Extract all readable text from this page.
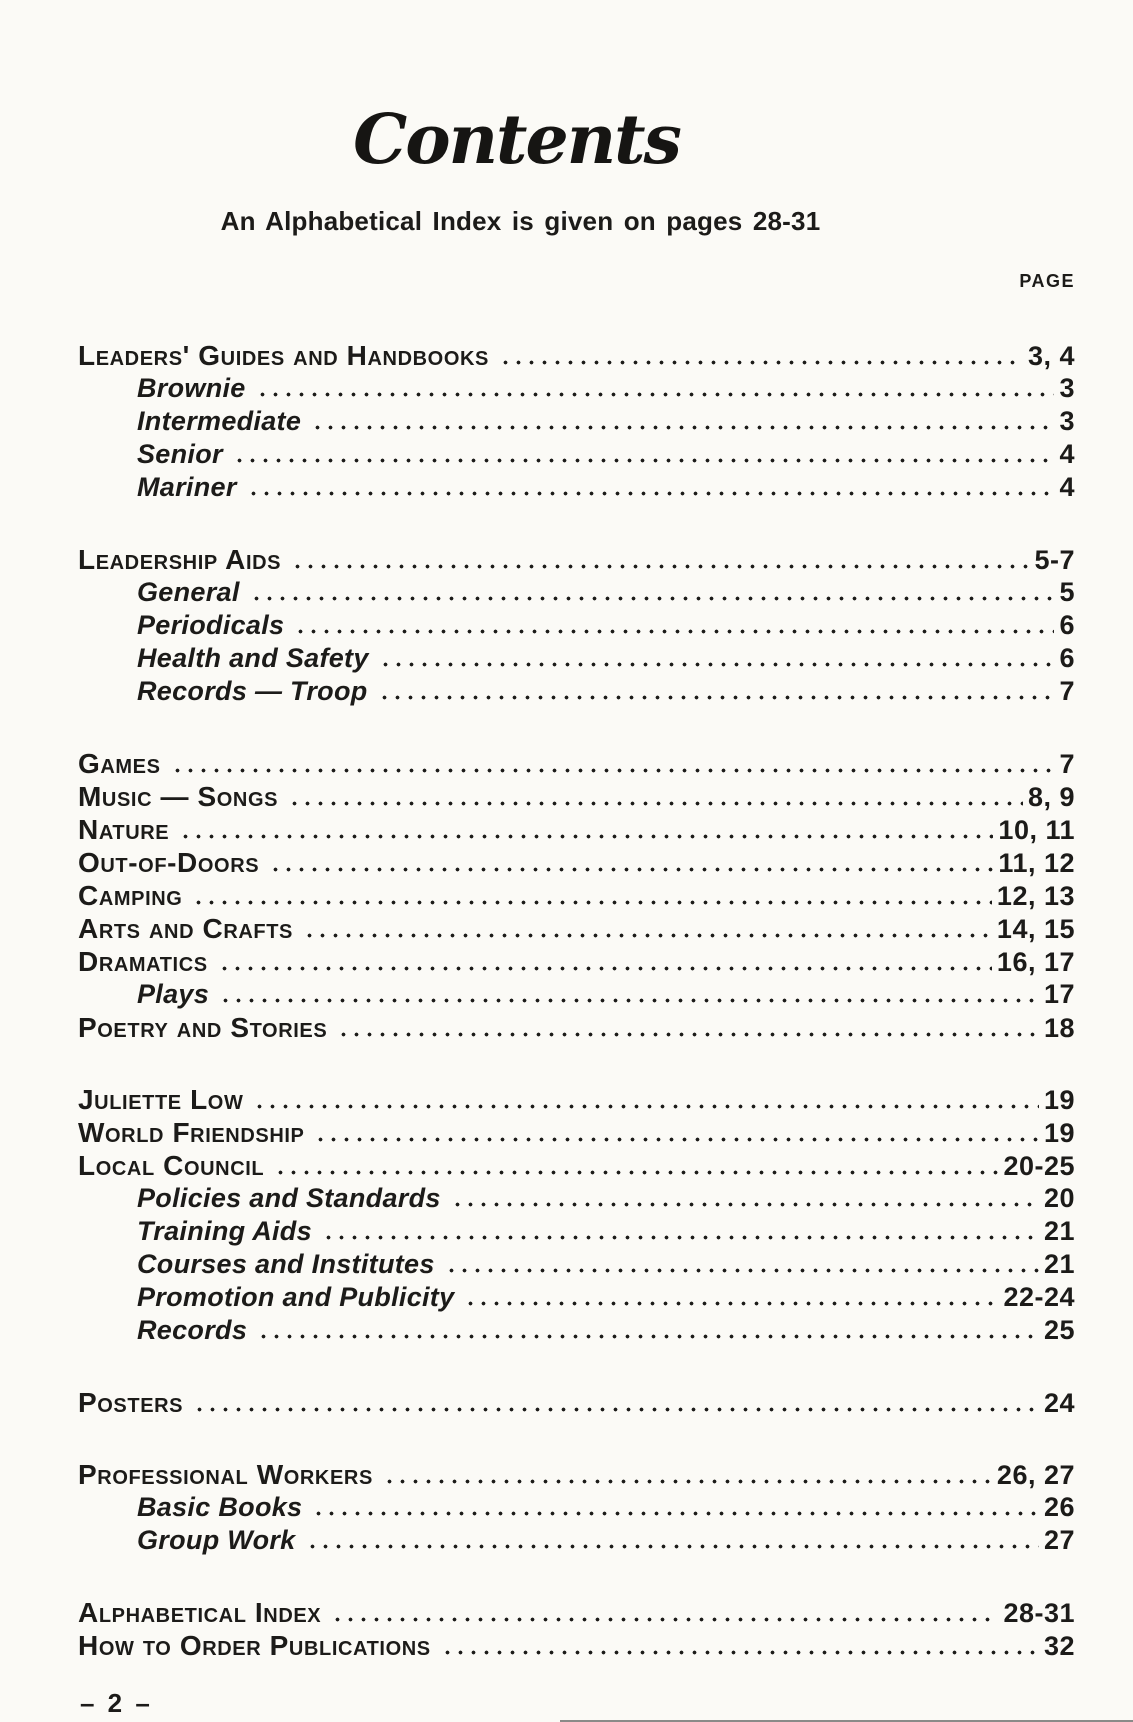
Contents

An Alphabetical Index is given on pages 28-31

PAGE
Leaders' Guides and Handbooks	3, 4
Brownie	3
Intermediate	3
Senior	4
Mariner	4
Leadership Aids	5-7
General	5
Periodicals	6
Health and Safety	6
Records — Troop	7
Games	7
Music — Songs	8, 9
Nature	10, 11
Out-of-Doors	11, 12
Camping	12, 13
Arts and Crafts	14, 15
Dramatics	16, 17
Plays	17
Poetry and Stories	18
Juliette Low	19
World Friendship	19
Local Council	20-25
Policies and Standards	20
Training Aids	21
Courses and Institutes	21
Promotion and Publicity	22-24
Records	25
Posters	24
Professional Workers	26, 27
Basic Books	26
Group Work	27
Alphabetical Index	28-31
How to Order Publications	32
– 2 –
